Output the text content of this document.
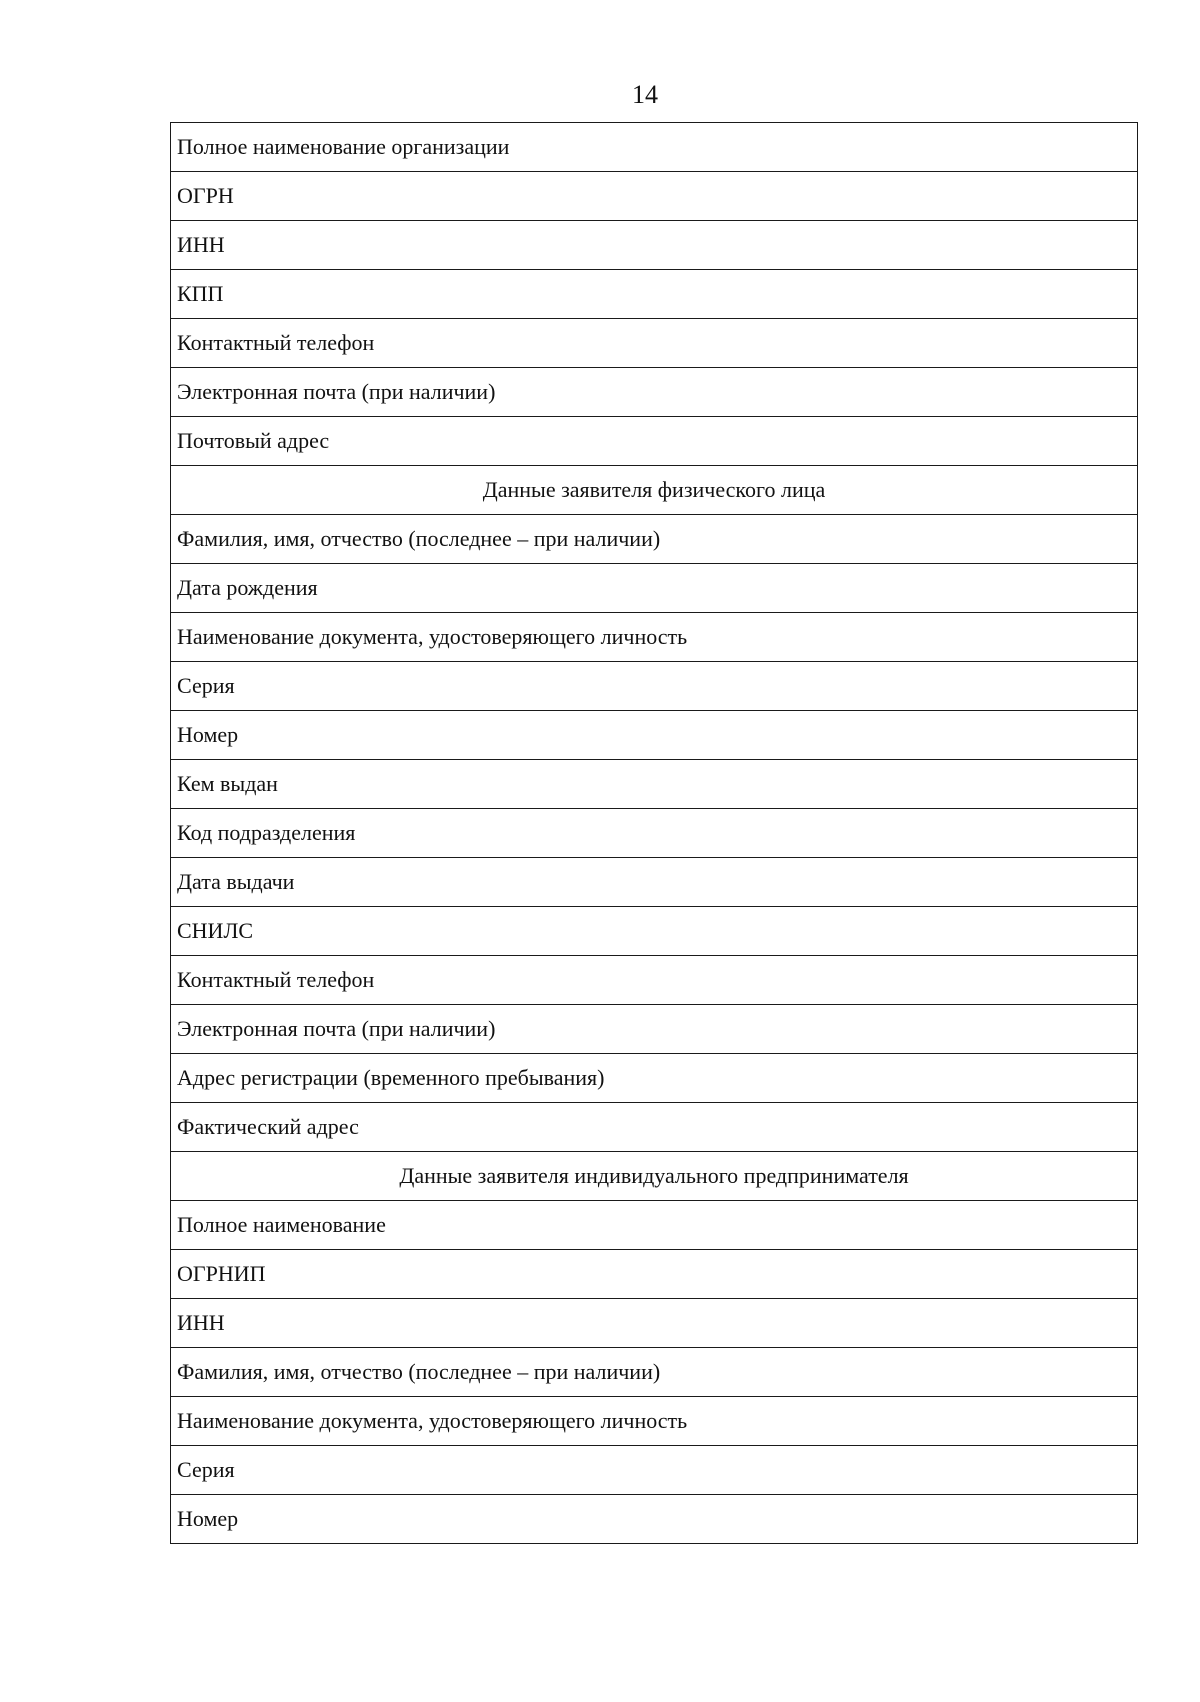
14
Полное наименование организации
ОГРН
ИНН
КПП
Контактный телефон
Электронная почта (при наличии)
Почтовый адрес
Данные заявителя физического лица
Фамилия, имя, отчество (последнее – при наличии)
Дата рождения
Наименование документа, удостоверяющего личность
Серия
Номер
Кем выдан
Код подразделения
Дата выдачи
СНИЛС
Контактный телефон
Электронная почта (при наличии)
Адрес регистрации (временного пребывания)
Фактический адрес
Данные заявителя индивидуального предпринимателя
Полное наименование
ОГРНИП
ИНН
Фамилия, имя, отчество (последнее – при наличии)
Наименование документа, удостоверяющего личность
Серия
Номер
